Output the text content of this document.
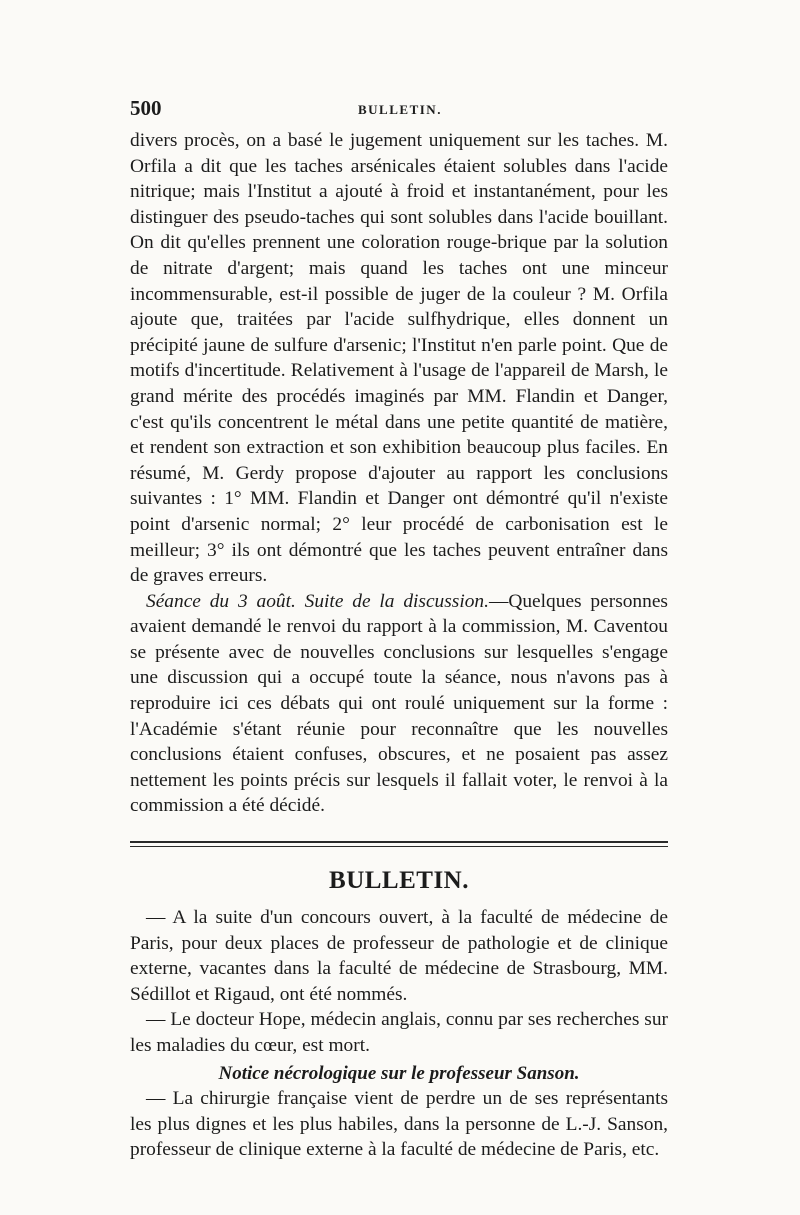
500	BULLETIN.

divers procès, on a basé le jugement uniquement sur les taches. M. Orfila a dit que les taches arsénicales étaient solubles dans l'acide nitrique; mais l'Institut a ajouté à froid et instantanément, pour les distinguer des pseudo-taches qui sont solubles dans l'acide bouillant. On dit qu'elles prennent une coloration rouge-brique par la solution de nitrate d'argent; mais quand les taches ont une minceur incommensurable, est-il possible de juger de la couleur ? M. Orfila ajoute que, traitées par l'acide sulfhydrique, elles donnent un précipité jaune de sulfure d'arsenic; l'Institut n'en parle point. Que de motifs d'incertitude. Relativement à l'usage de l'appareil de Marsh, le grand mérite des procédés imaginés par MM. Flandin et Danger, c'est qu'ils concentrent le métal dans une petite quantité de matière, et rendent son extraction et son exhibition beaucoup plus faciles. En résumé, M. Gerdy propose d'ajouter au rapport les conclusions suivantes : 1° MM. Flandin et Danger ont démontré qu'il n'existe point d'arsenic normal; 2° leur procédé de carbonisation est le meilleur; 3° ils ont démontré que les taches peuvent entraîner dans de graves erreurs.

Séance du 3 août. Suite de la discussion.—Quelques personnes avaient demandé le renvoi du rapport à la commission, M. Caventou se présente avec de nouvelles conclusions sur lesquelles s'engage une discussion qui a occupé toute la séance, nous n'avons pas à reproduire ici ces débats qui ont roulé uniquement sur la forme : l'Académie s'étant réunie pour reconnaître que les nouvelles conclusions étaient confuses, obscures, et ne posaient pas assez nettement les points précis sur lesquels il fallait voter, le renvoi à la commission a été décidé.

BULLETIN.

— A la suite d'un concours ouvert, à la faculté de médecine de Paris, pour deux places de professeur de pathologie et de clinique externe, vacantes dans la faculté de médecine de Strasbourg, MM. Sédillot et Rigaud, ont été nommés.

— Le docteur Hope, médecin anglais, connu par ses recherches sur les maladies du cœur, est mort.

Notice nécrologique sur le professeur Sanson.

— La chirurgie française vient de perdre un de ses représentants les plus dignes et les plus habiles, dans la personne de L.-J. Sanson, professeur de clinique externe à la faculté de médecine de Paris, etc.
